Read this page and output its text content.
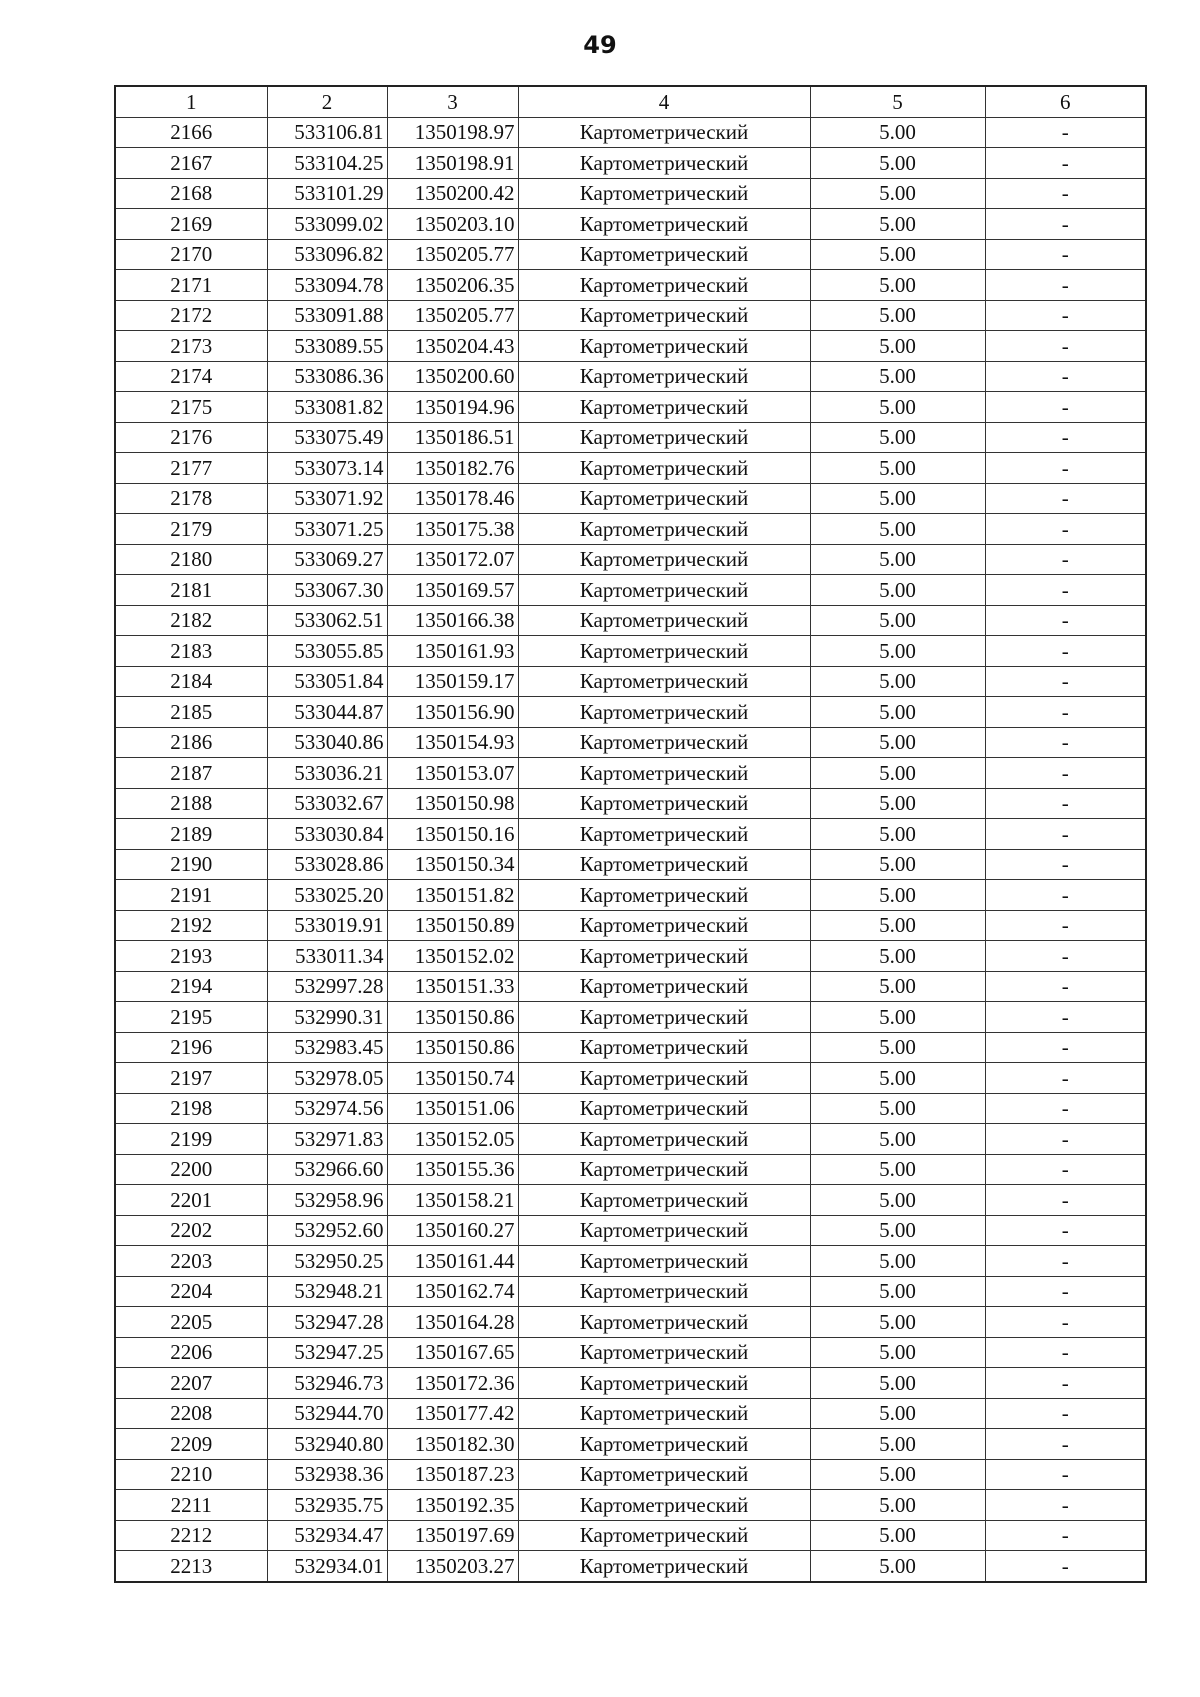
49
1	2	3	4	5	6
2166	533106.81	1350198.97	Картометрический	5.00	-
2167	533104.25	1350198.91	Картометрический	5.00	-
2168	533101.29	1350200.42	Картометрический	5.00	-
2169	533099.02	1350203.10	Картометрический	5.00	-
2170	533096.82	1350205.77	Картометрический	5.00	-
2171	533094.78	1350206.35	Картометрический	5.00	-
2172	533091.88	1350205.77	Картометрический	5.00	-
2173	533089.55	1350204.43	Картометрический	5.00	-
2174	533086.36	1350200.60	Картометрический	5.00	-
2175	533081.82	1350194.96	Картометрический	5.00	-
2176	533075.49	1350186.51	Картометрический	5.00	-
2177	533073.14	1350182.76	Картометрический	5.00	-
2178	533071.92	1350178.46	Картометрический	5.00	-
2179	533071.25	1350175.38	Картометрический	5.00	-
2180	533069.27	1350172.07	Картометрический	5.00	-
2181	533067.30	1350169.57	Картометрический	5.00	-
2182	533062.51	1350166.38	Картометрический	5.00	-
2183	533055.85	1350161.93	Картометрический	5.00	-
2184	533051.84	1350159.17	Картометрический	5.00	-
2185	533044.87	1350156.90	Картометрический	5.00	-
2186	533040.86	1350154.93	Картометрический	5.00	-
2187	533036.21	1350153.07	Картометрический	5.00	-
2188	533032.67	1350150.98	Картометрический	5.00	-
2189	533030.84	1350150.16	Картометрический	5.00	-
2190	533028.86	1350150.34	Картометрический	5.00	-
2191	533025.20	1350151.82	Картометрический	5.00	-
2192	533019.91	1350150.89	Картометрический	5.00	-
2193	533011.34	1350152.02	Картометрический	5.00	-
2194	532997.28	1350151.33	Картометрический	5.00	-
2195	532990.31	1350150.86	Картометрический	5.00	-
2196	532983.45	1350150.86	Картометрический	5.00	-
2197	532978.05	1350150.74	Картометрический	5.00	-
2198	532974.56	1350151.06	Картометрический	5.00	-
2199	532971.83	1350152.05	Картометрический	5.00	-
2200	532966.60	1350155.36	Картометрический	5.00	-
2201	532958.96	1350158.21	Картометрический	5.00	-
2202	532952.60	1350160.27	Картометрический	5.00	-
2203	532950.25	1350161.44	Картометрический	5.00	-
2204	532948.21	1350162.74	Картометрический	5.00	-
2205	532947.28	1350164.28	Картометрический	5.00	-
2206	532947.25	1350167.65	Картометрический	5.00	-
2207	532946.73	1350172.36	Картометрический	5.00	-
2208	532944.70	1350177.42	Картометрический	5.00	-
2209	532940.80	1350182.30	Картометрический	5.00	-
2210	532938.36	1350187.23	Картометрический	5.00	-
2211	532935.75	1350192.35	Картометрический	5.00	-
2212	532934.47	1350197.69	Картометрический	5.00	-
2213	532934.01	1350203.27	Картометрический	5.00	-
